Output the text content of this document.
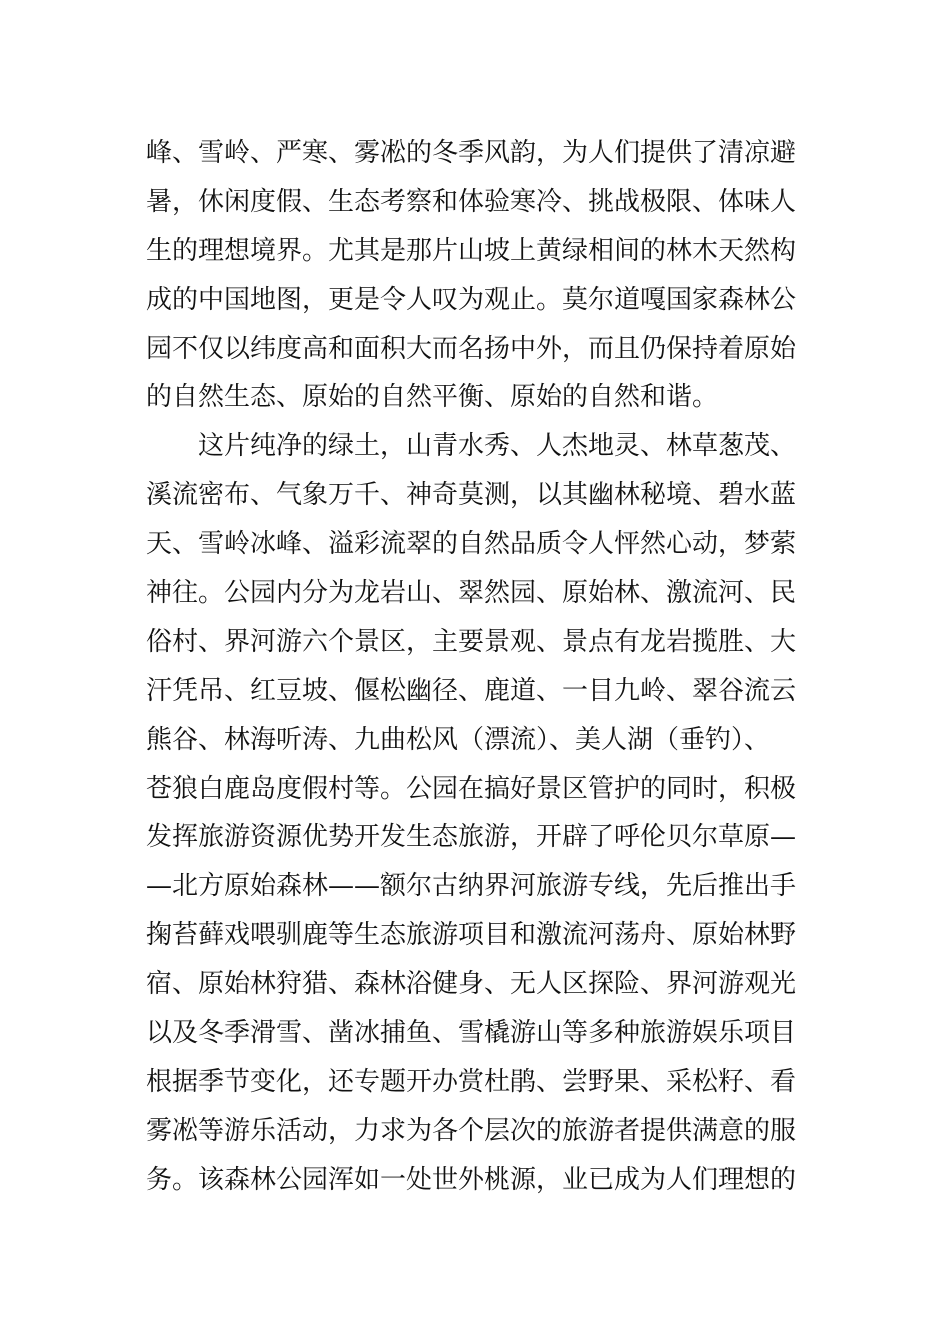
峰、雪岭、严寒、雾凇的冬季风韵，为人们提供了清凉避
暑，休闲度假、生态考察和体验寒冷、挑战极限、体味人
生的理想境界。尤其是那片山坡上黄绿相间的林木天然构
成的中国地图，更是令人叹为观止。莫尔道嘎国家森林公
园不仅以纬度高和面积大而名扬中外，而且仍保持着原始
的自然生态、原始的自然平衡、原始的自然和谐。
　　这片纯净的绿土，山青水秀、人杰地灵、林草葱茂、
溪流密布、气象万千、神奇莫测，以其幽林秘境、碧水蓝
天、雪岭冰峰、溢彩流翠的自然品质令人怦然心动，梦萦
神往。公园内分为龙岩山、翠然园、原始林、激流河、民
俗村、界河游六个景区，主要景观、景点有龙岩揽胜、大
汗凭吊、红豆坡、偃松幽径、鹿道、一目九岭、翠谷流云
熊谷、林海听涛、九曲松风（漂流）、美人湖（垂钓）、
苍狼白鹿岛度假村等。公园在搞好景区管护的同时，积极
发挥旅游资源优势开发生态旅游，开辟了呼伦贝尔草原—
—北方原始森林——额尔古纳界河旅游专线，先后推出手
掬苔藓戏喂驯鹿等生态旅游项目和激流河荡舟、原始林野
宿、原始林狩猎、森林浴健身、无人区探险、界河游观光
以及冬季滑雪、凿冰捕鱼、雪橇游山等多种旅游娱乐项目
根据季节变化，还专题开办赏杜鹃、尝野果、采松籽、看
雾凇等游乐活动，力求为各个层次的旅游者提供满意的服
务。该森林公园浑如一处世外桃源，业已成为人们理想的
